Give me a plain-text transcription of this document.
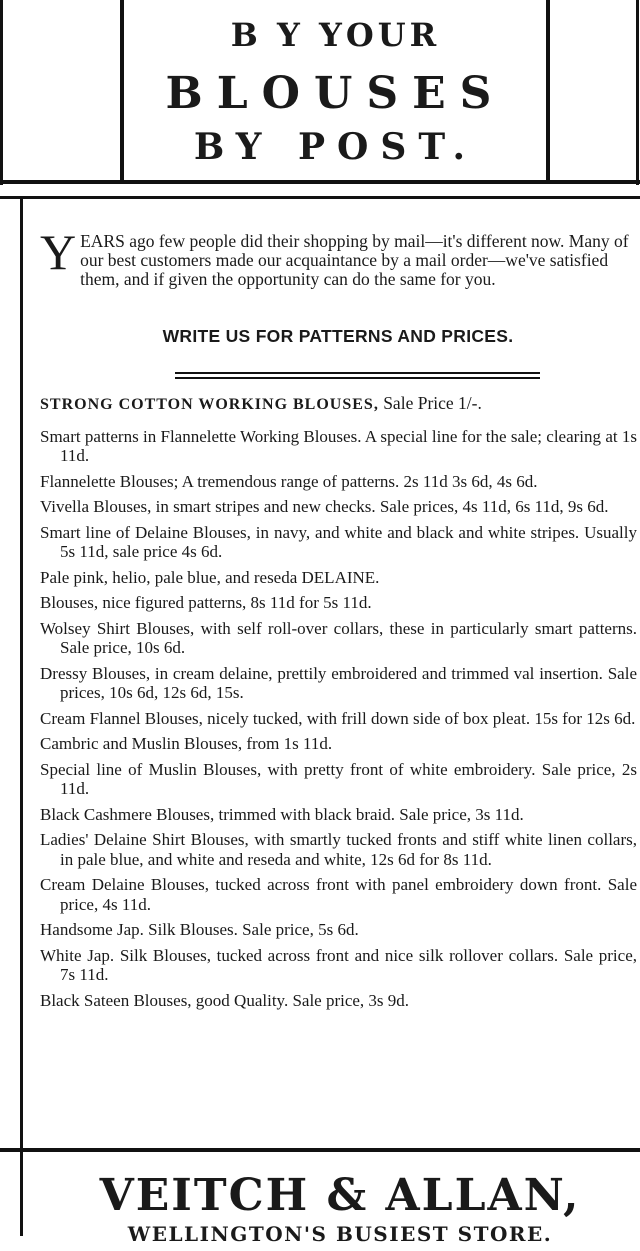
B Y YOUR
BLOUSES
BY POST.
Y EARS ago few people did their shopping by mail—it's different now. Many of our best customers made our acquaintance by a mail order—we've satisfied them, and if given the opportunity can do the same for you.
WRITE US FOR PATTERNS AND PRICES.
STRONG COTTON WORKING BLOUSES, Sale Price 1/-.
Smart patterns in Flannelette Working Blouses. A special line for the sale; clearing at 1s 11d.
Flannelette Blouses; A tremendous range of patterns. 2s 11d 3s 6d, 4s 6d.
Vivella Blouses, in smart stripes and new checks. Sale prices, 4s 11d, 6s 11d, 9s 6d.
Smart line of Delaine Blouses, in navy, and white and black and white stripes. Usually 5s 11d, sale price 4s 6d.
Pale pink, helio, pale blue, and reseda DELAINE.
Blouses, nice figured patterns, 8s 11d for 5s 11d.
Wolsey Shirt Blouses, with self roll-over collars, these in particularly smart patterns. Sale price, 10s 6d.
Dressy Blouses, in cream delaine, prettily embroidered and trimmed val insertion. Sale prices, 10s 6d, 12s 6d, 15s.
Cream Flannel Blouses, nicely tucked, with frill down side of box pleat. 15s for 12s 6d.
Cambric and Muslin Blouses, from 1s 11d.
Special line of Muslin Blouses, with pretty front of white embroidery. Sale price, 2s 11d.
Black Cashmere Blouses, trimmed with black braid. Sale price, 3s 11d.
Ladies' Delaine Shirt Blouses, with smartly tucked fronts and stiff white linen collars, in pale blue, and white and reseda and white, 12s 6d for 8s 11d.
Cream Delaine Blouses, tucked across front with panel embroidery down front. Sale price, 4s 11d.
Handsome Jap. Silk Blouses. Sale price, 5s 6d.
White Jap. Silk Blouses, tucked across front and nice silk rollover collars. Sale price, 7s 11d.
Black Sateen Blouses, good Quality. Sale price, 3s 9d.
VEITCH & ALLAN,
WELLINGTON'S BUSIEST STORE.
